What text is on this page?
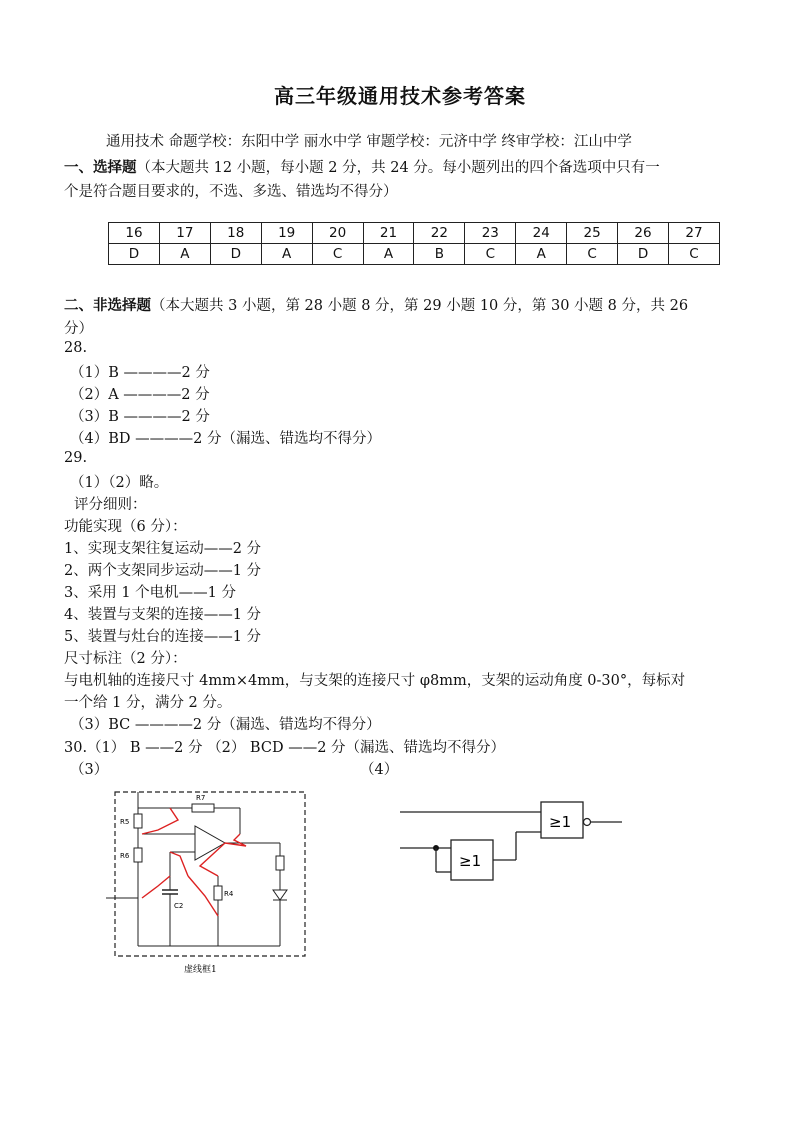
高三年级通用技术参考答案
通用技术 命题学校：东阳中学 丽水中学 审题学校：元济中学 终审学校：江山中学
一、选择题（本大题共 12 小题，每小题 2 分，共 24 分。每小题列出的四个备选项中只有一
个是符合题目要求的，不选、多选、错选均不得分）
16	17	18	19	20	21	22	23	24	25	26	27
D	A	D	A	C	A	B	C	A	C	D	C
二、非选择题（本大题共 3 小题，第 28 小题 8 分，第 29 小题 10 分，第 30 小题 8 分，共 26
分）
28.
（1）B ————2 分
（2）A ————2 分
（3）B ————2 分
（4）BD ————2 分（漏选、错选均不得分）
29.
（1）（2）略。
评分细则：
功能实现（6 分）：
1、实现支架往复运动——2 分
2、两个支架同步运动——1 分
3、采用 1 个电机——1 分
4、装置与支架的连接——1 分
5、装置与灶台的连接——1 分
尺寸标注（2 分）：
与电机轴的连接尺寸 4mm×4mm，与支架的连接尺寸 φ8mm，支架的运动角度 0-30°，每标对
一个给 1 分，满分 2 分。
（3）BC ————2 分（漏选、错选均不得分）
30.（1） B ——2 分 （2） BCD ——2 分（漏选、错选均不得分）
（3）	（4）
R7
R5
R6
C2
R4
虚线框1
≥1
≥1
